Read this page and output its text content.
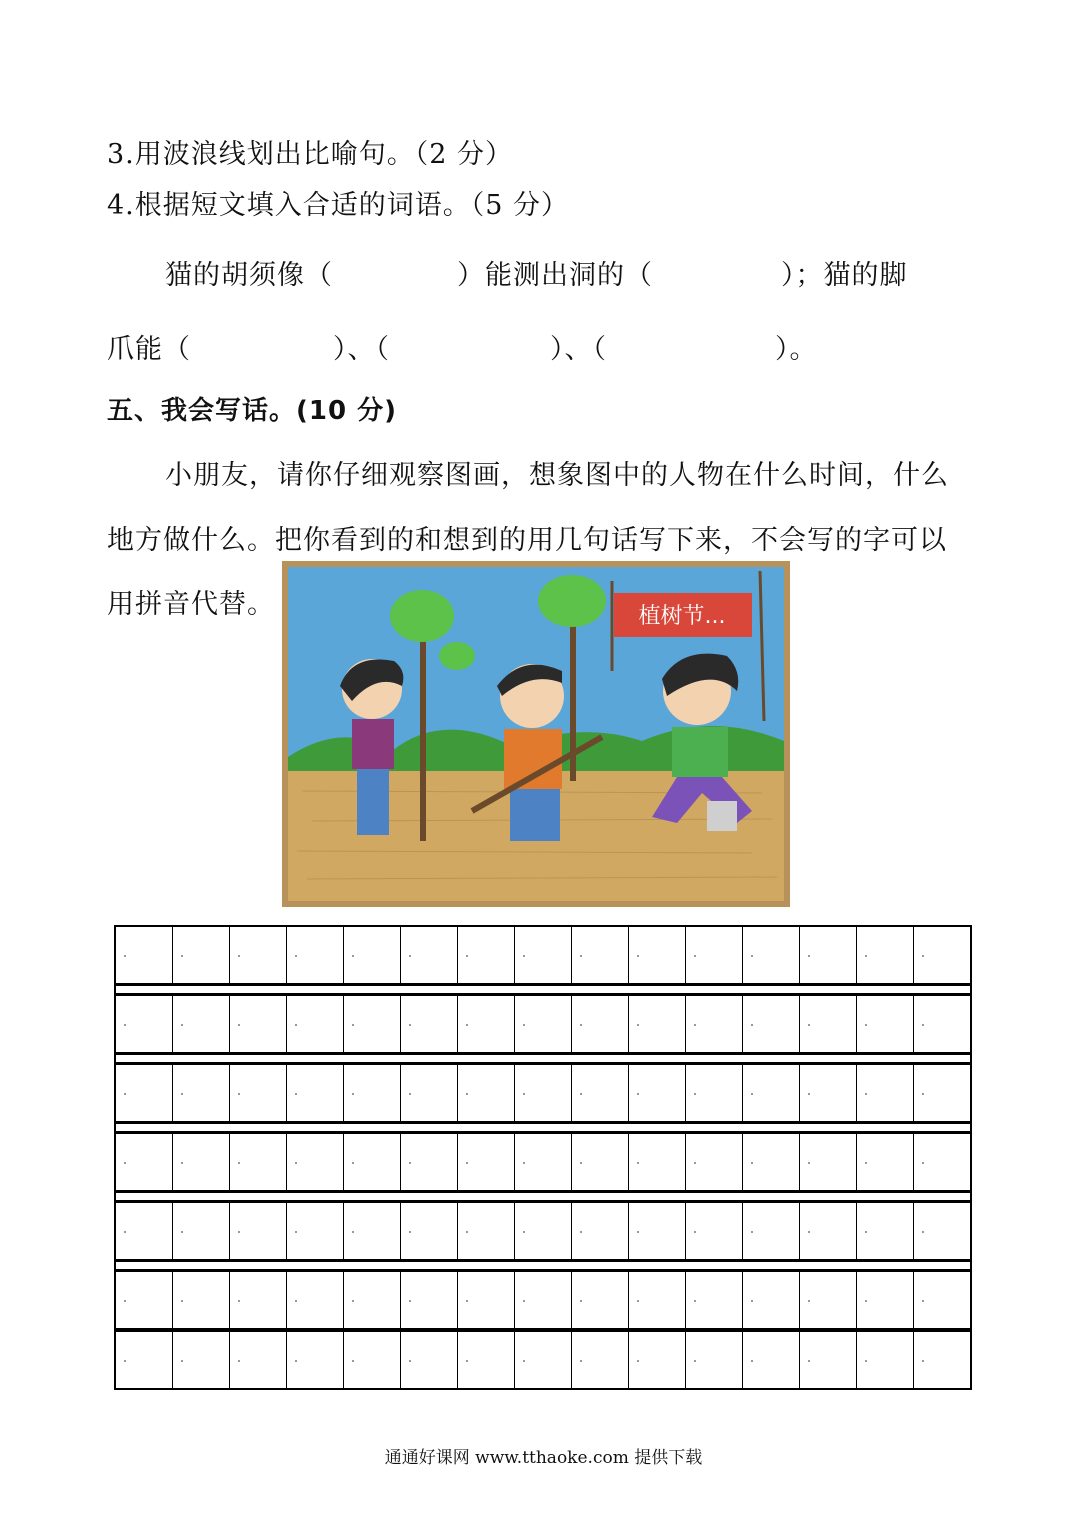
3.用波浪线划出比喻句。（2 分）
4.根据短文填入合适的词语。（5 分）
猫的胡须像（	）能测出洞的（	）；猫的脚
爪能（	）、（	）、（	）。
五、我会写话。(10 分)
小朋友，请你仔细观察图画，想象图中的人物在什么时间，什么
地方做什么。把你看到的和想到的用几句话写下来，不会写的字可以
用拼音代替。	植树节...
通通好课网 www.tthaoke.com 提供下载
